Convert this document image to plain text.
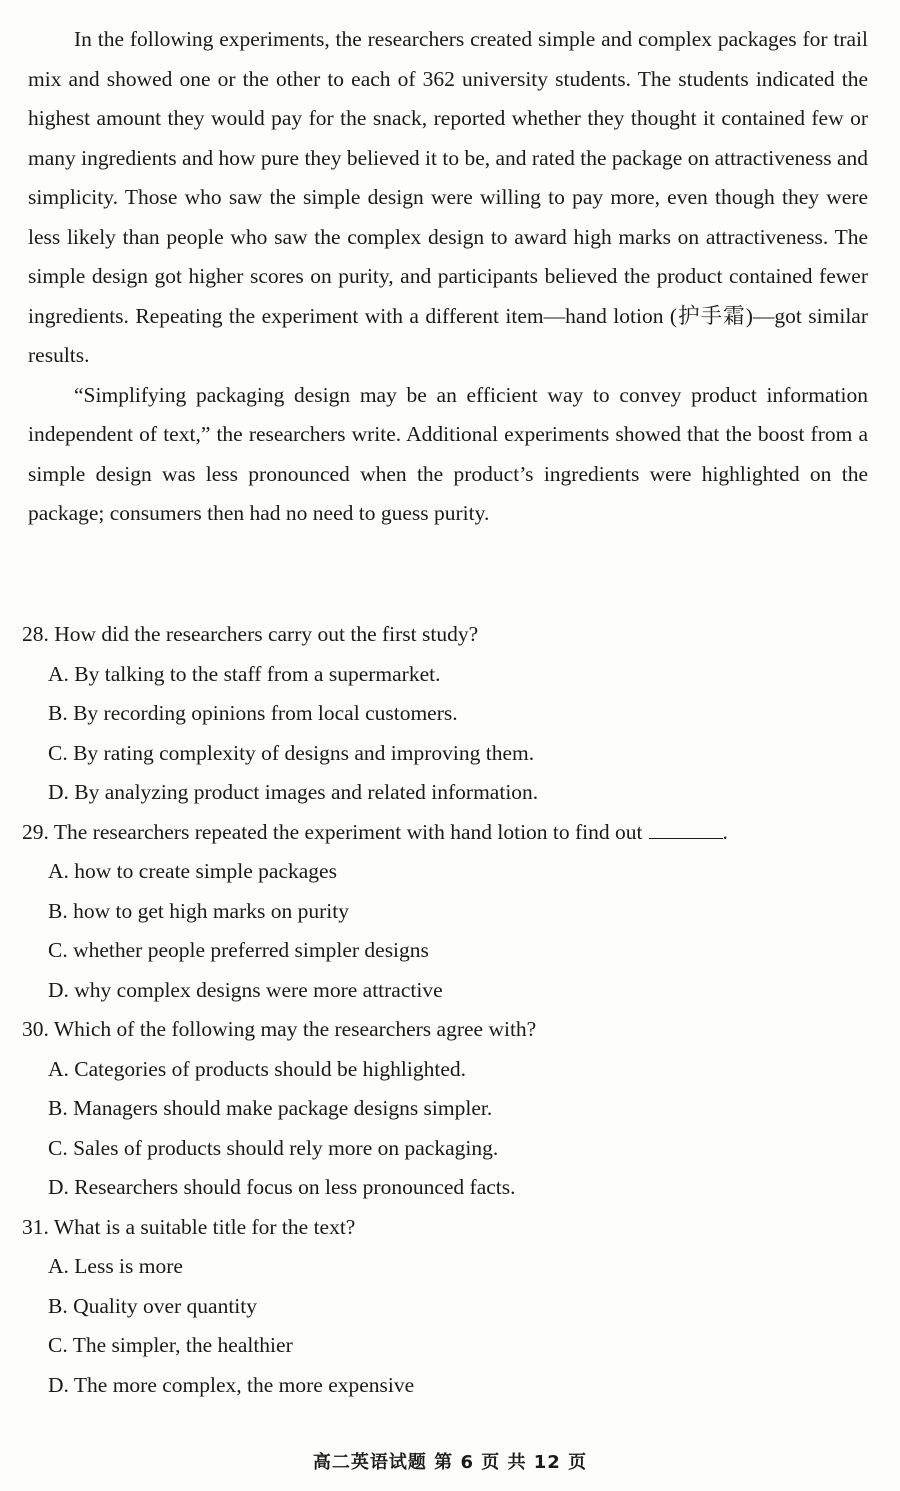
In the following experiments, the researchers created simple and complex packages for trail mix and showed one or the other to each of 362 university students. The students indicated the highest amount they would pay for the snack, reported whether they thought it contained few or many ingredients and how pure they believed it to be, and rated the package on attractiveness and simplicity. Those who saw the simple design were willing to pay more, even though they were less likely than people who saw the complex design to award high marks on attractiveness. The simple design got higher scores on purity, and participants believed the product contained fewer ingredients. Repeating the experiment with a different item—hand lotion (护手霜)—got similar results.

“Simplifying packaging design may be an efficient way to convey product information independent of text,” the researchers write. Additional experiments showed that the boost from a simple design was less pronounced when the product’s ingredients were highlighted on the package; consumers then had no need to guess purity.

28. How did the researchers carry out the first study?

A. By talking to the staff from a supermarket.
B. By recording opinions from local customers.
C. By rating complexity of designs and improving them.
D. By analyzing product images and related information.

29. The researchers repeated the experiment with hand lotion to find out	.

A. how to create simple packages
B. how to get high marks on purity
C. whether people preferred simpler designs
D. why complex designs were more attractive

30. Which of the following may the researchers agree with?

A. Categories of products should be highlighted.
B. Managers should make package designs simpler.
C. Sales of products should rely more on packaging.
D. Researchers should focus on less pronounced facts.

31. What is a suitable title for the text?

A. Less is more
B. Quality over quantity
C. The simpler, the healthier
D. The more complex, the more expensive
高二英语试题 第 6 页 共 12 页
